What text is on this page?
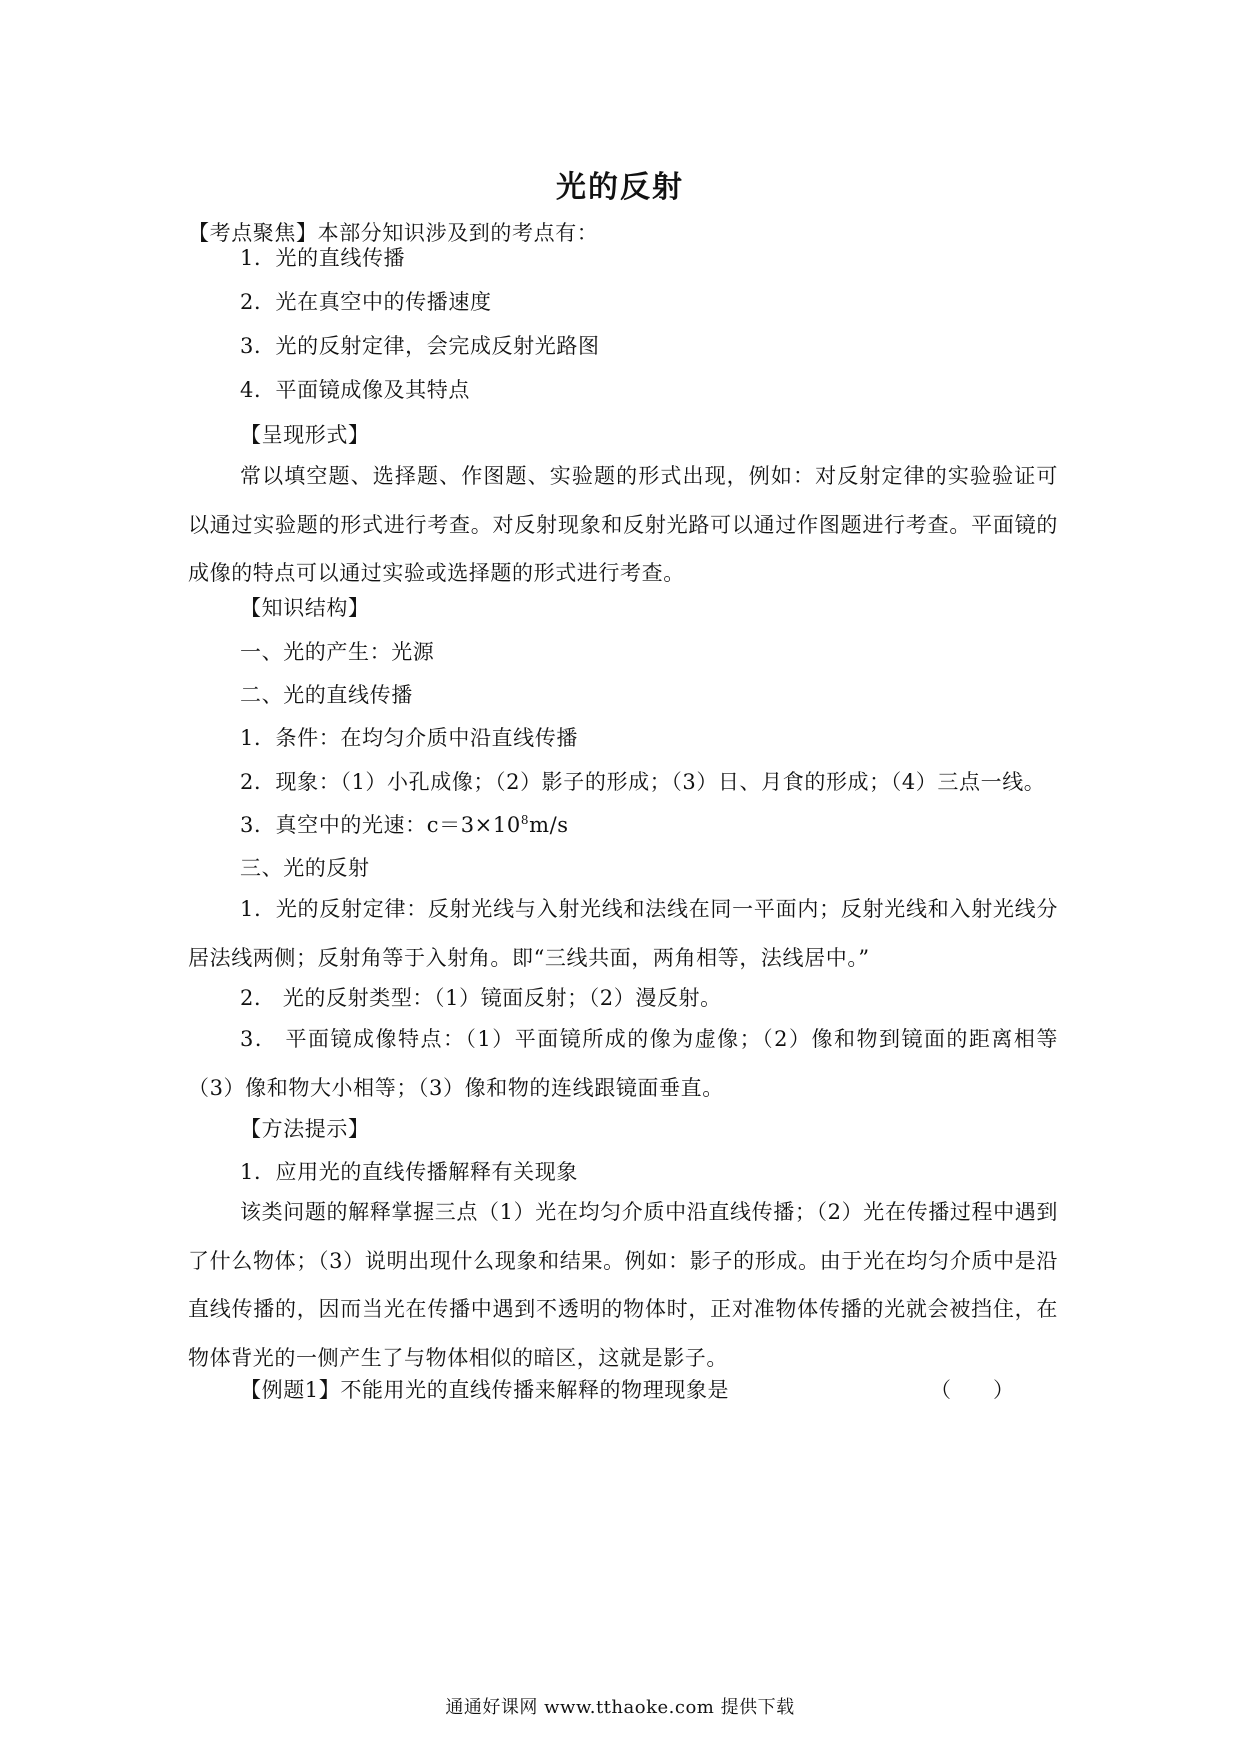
光的反射
【考点聚焦】本部分知识涉及到的考点有：
1．光的直线传播
2．光在真空中的传播速度
3．光的反射定律，会完成反射光路图
4．平面镜成像及其特点
【呈现形式】
常以填空题、选择题、作图题、实验题的形式出现，例如：对反射定律的实验验证可以通过实验题的形式进行考查。对反射现象和反射光路可以通过作图题进行考查。平面镜的成像的特点可以通过实验或选择题的形式进行考查。
【知识结构】
一、光的产生：光源
二、光的直线传播
1．条件：在均匀介质中沿直线传播
2．现象：（1）小孔成像；（2）影子的形成；（3）日、月食的形成；（4）三点一线。
3．真空中的光速：$c=3\times 10^8m/s$
三、光的反射
1．光的反射定律：反射光线与入射光线和法线在同一平面内；反射光线和入射光线分居法线两侧；反射角等于入射角。即“三线共面，两角相等，法线居中。”
2． 光的反射类型：（1）镜面反射；（2）漫反射。
3． 平面镜成像特点：（1）平面镜所成的像为虚像；（2）像和物到镜面的距离相等（3）像和物大小相等；（3）像和物的连线跟镜面垂直。
【方法提示】
1．应用光的直线传播解释有关现象
该类问题的解释掌握三点（1）光在均匀介质中沿直线传播；（2）光在传播过程中遇到了什么物体；（3）说明出现什么现象和结果。例如：影子的形成。由于光在均匀介质中是沿直线传播的，因而当光在传播中遇到不透明的物体时，正对准物体传播的光就会被挡住，在物体背光的一侧产生了与物体相似的暗区，这就是影子。
【例题1】不能用光的直线传播来解释的物理现象是	（　　）
通通好课网 www.tthaoke.com 提供下载
